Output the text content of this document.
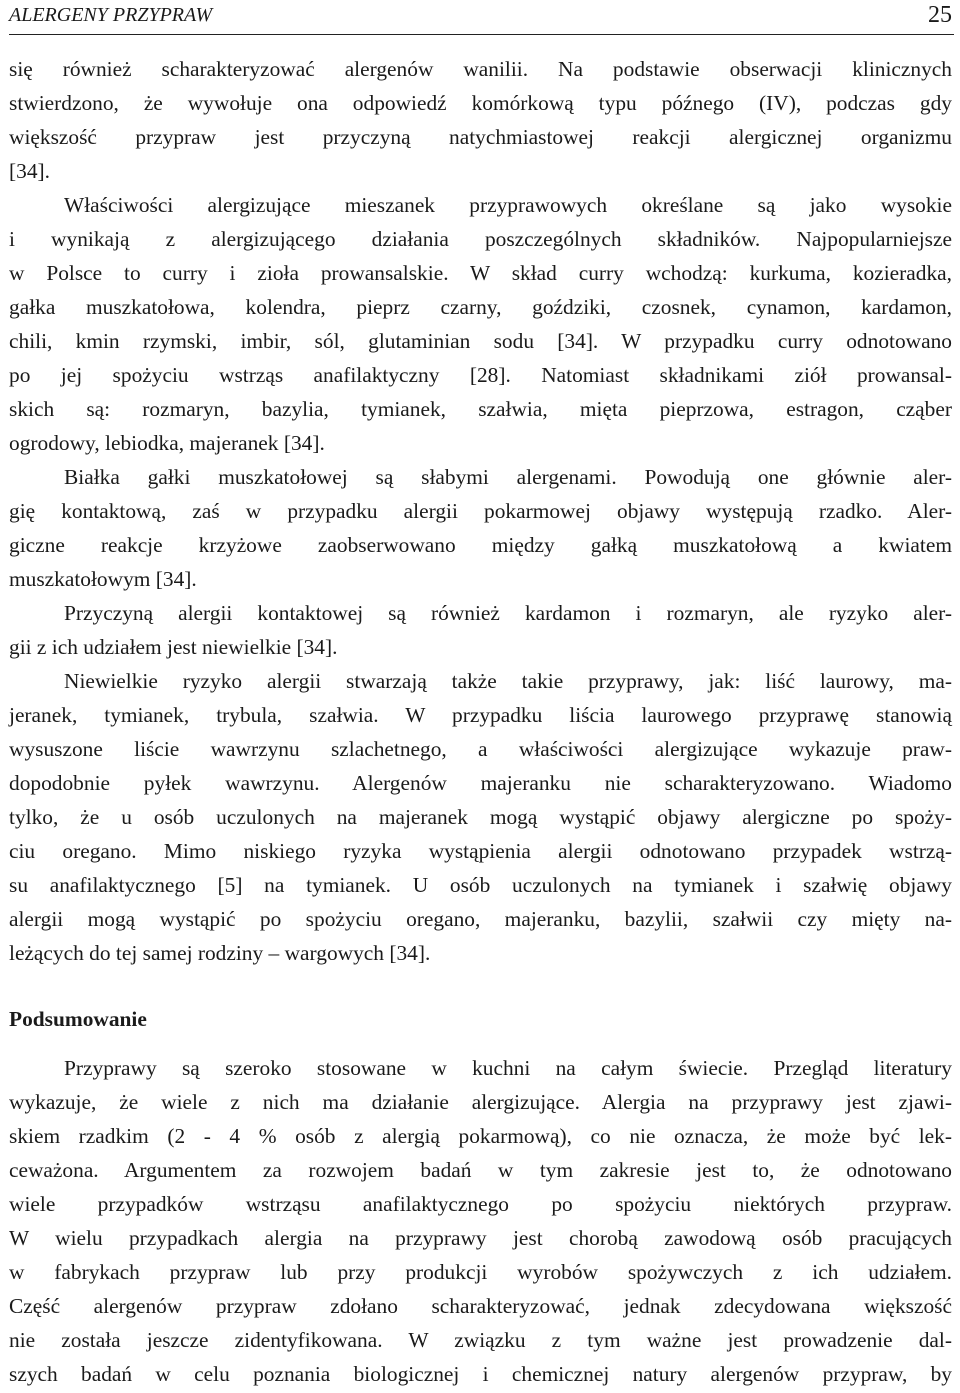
ALERGENY PRZYPRAW	25
się również scharakteryzować alergenów wanilii. Na podstawie obserwacji klinicznych
stwierdzono, że wywołuje ona odpowiedź komórkową typu późnego (IV), podczas gdy
większość przypraw jest przyczyną natychmiastowej reakcji alergicznej organizmu
[34].
Właściwości alergizujące mieszanek przyprawowych określane są jako wysokie
i wynikają z alergizującego działania poszczególnych składników. Najpopularniejsze
w Polsce to curry i zioła prowansalskie. W skład curry wchodzą: kurkuma, kozieradka,
gałka muszkatołowa, kolendra, pieprz czarny, goździki, czosnek, cynamon, kardamon,
chili, kmin rzymski, imbir, sól, glutaminian sodu [34]. W przypadku curry odnotowano
po jej spożyciu wstrząs anafilaktyczny [28]. Natomiast składnikami ziół prowansal-
skich są: rozmaryn, bazylia, tymianek, szałwia, mięta pieprzowa, estragon, cząber
ogrodowy, lebiodka, majeranek [34].
Białka gałki muszkatołowej są słabymi alergenami. Powodują one głównie aler-
gię kontaktową, zaś w przypadku alergii pokarmowej objawy występują rzadko. Aler-
giczne reakcje krzyżowe zaobserwowano między gałką muszkatołową a kwiatem
muszkatołowym [34].
Przyczyną alergii kontaktowej są również kardamon i rozmaryn, ale ryzyko aler-
gii z ich udziałem jest niewielkie [34].
Niewielkie ryzyko alergii stwarzają także takie przyprawy, jak: liść laurowy, ma-
jeranek, tymianek, trybula, szałwia. W przypadku liścia laurowego przyprawę stanowią
wysuszone liście wawrzynu szlachetnego, a właściwości alergizujące wykazuje praw-
dopodobnie pyłek wawrzynu. Alergenów majeranku nie scharakteryzowano. Wiadomo
tylko, że u osób uczulonych na majeranek mogą wystąpić objawy alergiczne po spoży-
ciu oregano. Mimo niskiego ryzyka wystąpienia alergii odnotowano przypadek wstrzą-
su anafilaktycznego [5] na tymianek. U osób uczulonych na tymianek i szałwię objawy
alergii mogą wystąpić po spożyciu oregano, majeranku, bazylii, szałwii czy mięty na-
leżących do tej samej rodziny – wargowych [34].
Podsumowanie
Przyprawy są szeroko stosowane w kuchni na całym świecie. Przegląd literatury
wykazuje, że wiele z nich ma działanie alergizujące. Alergia na przyprawy jest zjawi-
skiem rzadkim (2 - 4 % osób z alergią pokarmową), co nie oznacza, że może być lek-
ceważona. Argumentem za rozwojem badań w tym zakresie jest to, że odnotowano
wiele przypadków wstrząsu anafilaktycznego po spożyciu niektórych przypraw.
W wielu przypadkach alergia na przyprawy jest chorobą zawodową osób pracujących
w fabrykach przypraw lub przy produkcji wyrobów spożywczych z ich udziałem.
Część alergenów przypraw zdołano scharakteryzować, jednak zdecydowana większość
nie została jeszcze zidentyfikowana. W związku z tym ważne jest prowadzenie dal-
szych badań w celu poznania biologicznej i chemicznej natury alergenów przypraw, by
